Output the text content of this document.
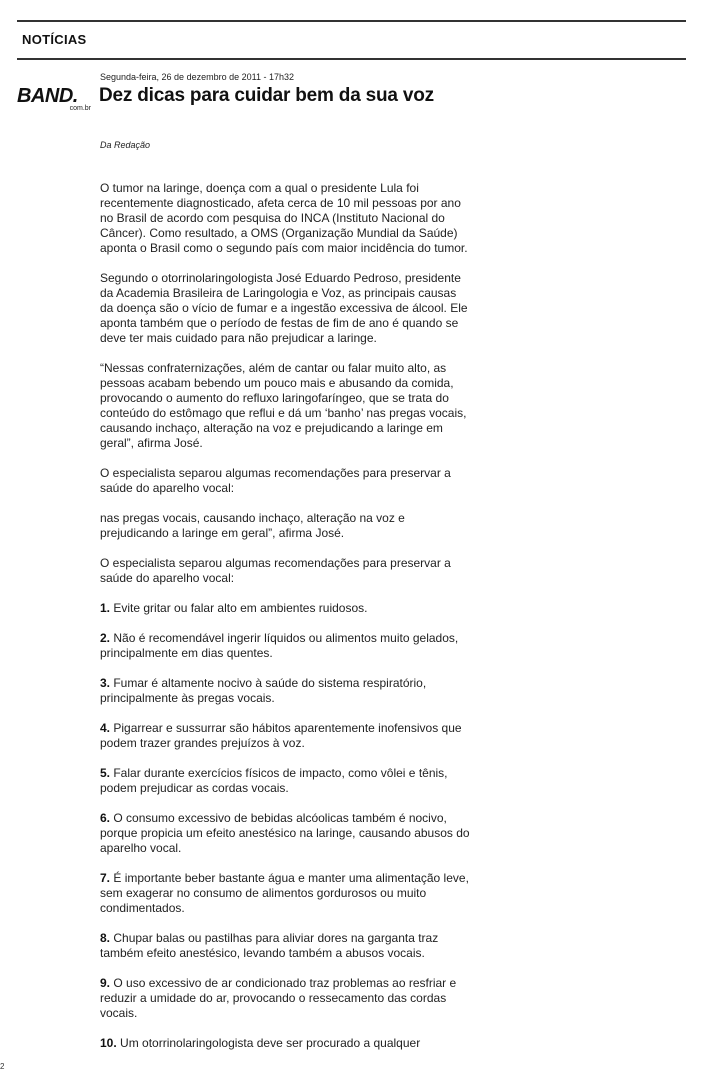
NOTÍCIAS
BAND.
com.br
Segunda-feira, 26 de dezembro de 2011 - 17h32
Dez dicas para cuidar bem da sua voz
Da Redação

O tumor na laringe, doença com a qual o presidente Lula foi recentemente diagnosticado, afeta cerca de 10 mil pessoas por ano no Brasil de acordo com pesquisa do INCA (Instituto Nacional do Câncer). Como resultado, a OMS (Organização Mundial da Saúde) aponta o Brasil como o segundo país com maior incidência do tumor.

Segundo o otorrinolaringologista José Eduardo Pedroso, presidente da Academia Brasileira de Laringologia e Voz, as principais causas da doença são o vício de fumar e a ingestão excessiva de álcool. Ele aponta também que o período de festas de fim de ano é quando se deve ter mais cuidado para não prejudicar a laringe.

“Nessas confraternizações, além de cantar ou falar muito alto, as pessoas acabam bebendo um pouco mais e abusando da comida, provocando o aumento do refluxo laringofaríngeo, que se trata do conteúdo do estômago que reflui e dá um ‘banho’ nas pregas vocais, causando inchaço, alteração na voz e prejudicando a laringe em geral”, afirma José.

O especialista separou algumas recomendações para preservar a saúde do aparelho vocal:

nas pregas vocais, causando inchaço, alteração na voz e prejudicando a laringe em geral”, afirma José.

O especialista separou algumas recomendações para preservar a saúde do aparelho vocal:

1. Evite gritar ou falar alto em ambientes ruidosos.

2. Não é recomendável ingerir líquidos ou alimentos muito gelados, principalmente em dias quentes.

3. Fumar é altamente nocivo à saúde do sistema respiratório, principalmente às pregas vocais.

4. Pigarrear e sussurrar são hábitos aparentemente inofensivos que podem trazer grandes prejuízos à voz.

5. Falar durante exercícios físicos de impacto, como vôlei e tênis, podem prejudicar as cordas vocais.

6. O consumo excessivo de bebidas alcóolicas também é nocivo, porque propicia um efeito anestésico na laringe, causando abusos do aparelho vocal.

7. É importante beber bastante água e manter uma alimentação leve, sem exagerar no consumo de alimentos gordurosos ou muito condimentados.

8. Chupar balas ou pastilhas para aliviar dores na garganta traz também efeito anestésico, levando também a abusos vocais.

9. O uso excessivo de ar condicionado traz problemas ao resfriar e reduzir a umidade do ar, provocando o ressecamento das cordas vocais.

10. Um otorrinolaringologista deve ser procurado a qualquer

2
